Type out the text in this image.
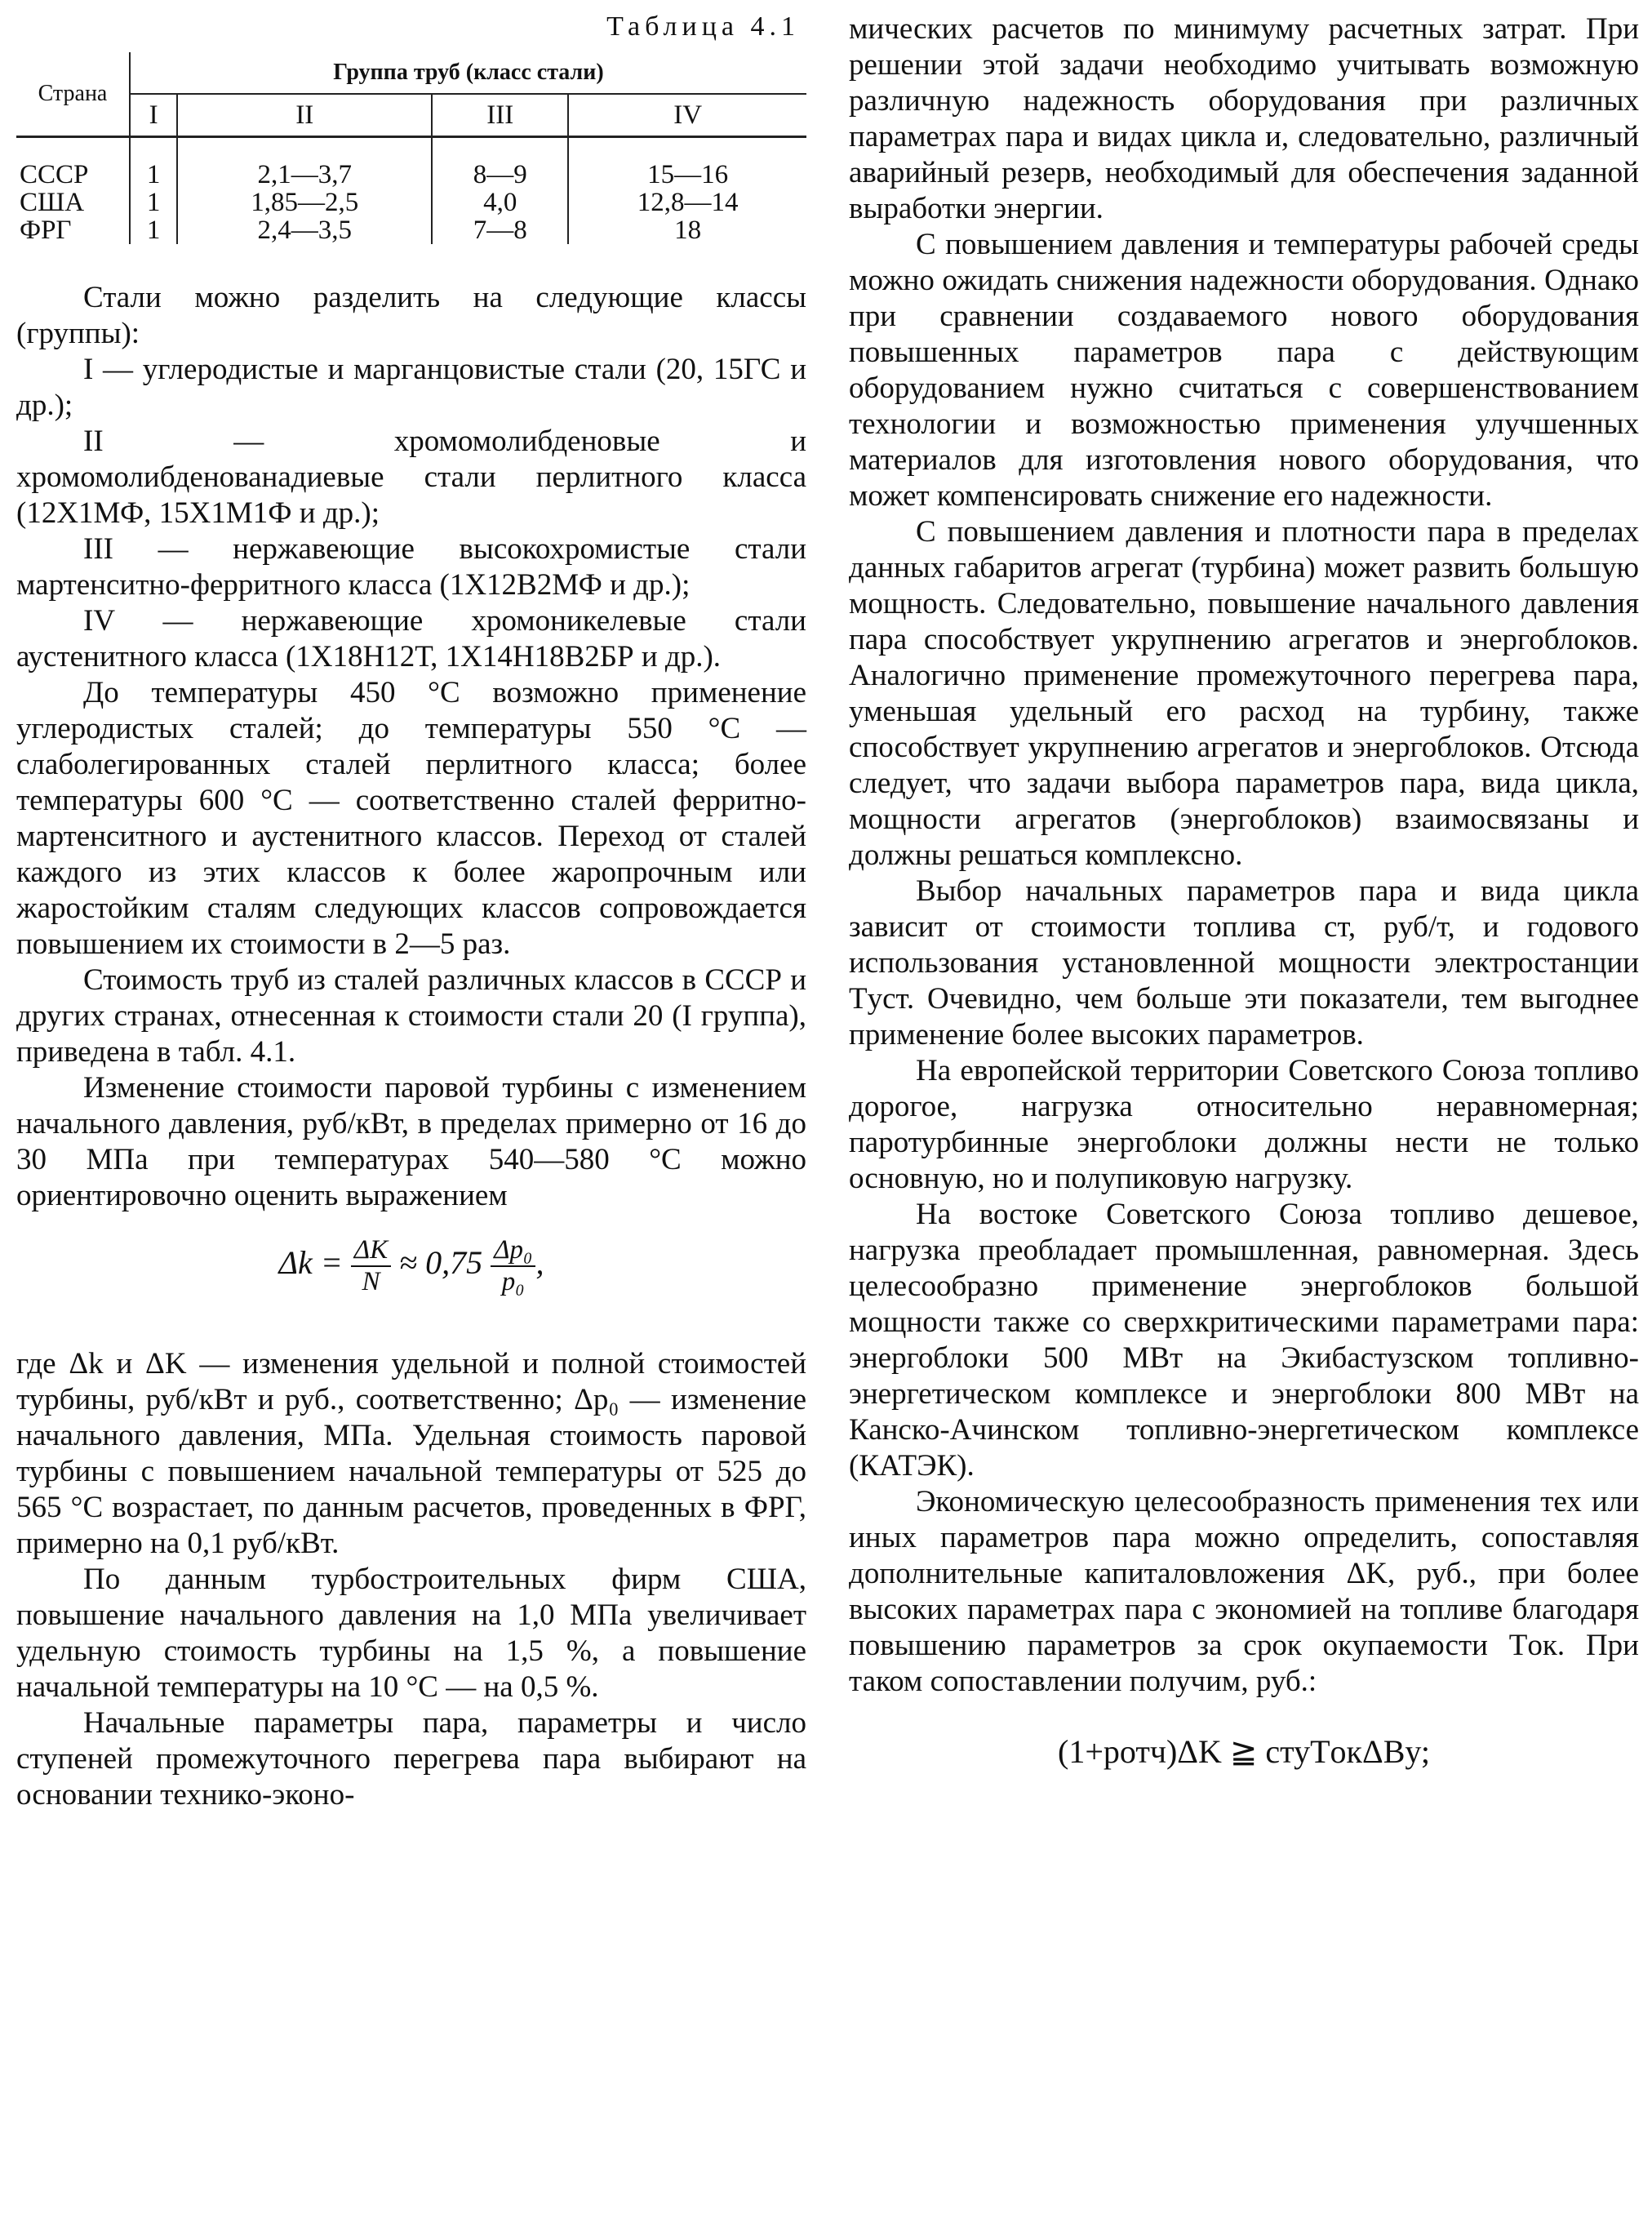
Таблица 4.1
Страна	Группа труб (класс стали)			
	I	II	III	IV
СССР	1	2,1—3,7	8—9	15—16
США	1	1,85—2,5	4,0	12,8—14
ФРГ	1	2,4—3,5	7—8	18

Стали можно разделить на следующие классы (группы):

I — углеродистые и марганцовистые стали (20, 15ГС и др.);

II — хромомолибденовые и хромомолибденованадиевые стали перлитного класса (12Х1МФ, 15Х1М1Ф и др.);

III — нержавеющие высокохромистые стали мартенситно-ферритного класса (1Х12В2МФ и др.);

IV — нержавеющие хромоникелевые стали аустенитного класса (1Х18Н12Т, 1Х14Н18В2БР и др.).

До температуры 450 °С возможно применение углеродистых сталей; до температуры 550 °С — слаболегированных сталей перлитного класса; более температуры 600 °С — соответственно сталей ферритно-мартенситного и аустенитного классов. Переход от сталей каждого из этих классов к более жаропрочным или жаростойким сталям следующих классов сопровождается повышением их стоимости в 2—5 раз.

Стоимость труб из сталей различных классов в СССР и других странах, отнесенная к стоимости стали 20 (I группа), приведена в табл. 4.1.

Изменение стоимости паровой турбины с изменением начального давления, руб/кВт, в пределах примерно от 16 до 30 МПа при температурах 540—580 °С можно ориентировочно оценить выражением

$\Delta k = \frac{\Delta K}{N} \approx 0,75 \frac{\text{Δp₀}}{\text{p₀}}$ ,

где Δk и ΔK — изменения удельной и полной стоимостей турбины, руб/кВт и руб., соответственно; Δp₀ — изменение начального давления, МПа. Удельная стоимость паровой турбины с повышением начальной температуры от 525 до 565 °С возрастает, по данным расчетов, проведенных в ФРГ, примерно на 0,1 руб/кВт.

По данным турбостроительных фирм США, повышение начального давления на 1,0 МПа увеличивает удельную стоимость турбины на 1,5 %, а повышение начальной температуры на 10 °С — на 0,5 %.

Начальные параметры пара, параметры и число ступеней промежуточного перегрева пара выбирают на основании технико-эконо-

мических расчетов по минимуму расчетных затрат. При решении этой задачи необходимо учитывать возможную различную надежность оборудования при различных параметрах пара и видах цикла и, следовательно, различный аварийный резерв, необходимый для обеспечения заданной выработки энергии.

С повышением давления и температуры рабочей среды можно ожидать снижения надежности оборудования. Однако при сравнении создаваемого нового оборудования повышенных параметров пара с действующим оборудованием нужно считаться с совершенствованием технологии и возможностью применения улучшенных материалов для изготовления нового оборудования, что может компенсировать снижение его надежности.

С повышением давления и плотности пара в пределах данных габаритов агрегат (турбина) может развить большую мощность. Следовательно, повышение начального давления пара способствует укрупнению агрегатов и энергоблоков. Аналогично применение промежуточного перегрева пара, уменьшая удельный его расход на турбину, также способствует укрупнению агрегатов и энергоблоков. Отсюда следует, что задачи выбора параметров пара, вида цикла, мощности агрегатов (энергоблоков) взаимосвязаны и должны решаться комплексно.

Выбор начальных параметров пара и вида цикла зависит от стоимости топлива cт, руб/т, и годового использования установленной мощности электростанции Tуст. Очевидно, чем больше эти показатели, тем выгоднее применение более высоких параметров.

На европейской территории Советского Союза топливо дорогое, нагрузка относительно неравномерная; паротурбинные энергоблоки должны нести не только основную, но и полупиковую нагрузку.

На востоке Советского Союза топливо дешевое, нагрузка преобладает промышленная, равномерная. Здесь целесообразно применение энергоблоков большой мощности также со сверхкритическими параметрами пара: энергоблоки 500 МВт на Экибастузском топливно-энергетическом комплексе и энергоблоки 800 МВт на Канско-Ачинском топливно-энергетическом комплексе (КАТЭК).

Экономическую целесообразность применения тех или иных параметров пара можно определить, сопоставляя дополнительные капиталовложения ΔK, руб., при более высоких параметрах пара с экономией на топливе благодаря повышению параметров за срок окупаемости Tок. При таком сопоставлении получим, руб.:

(1+pотч)ΔK ≧ cтуTокΔBу;
